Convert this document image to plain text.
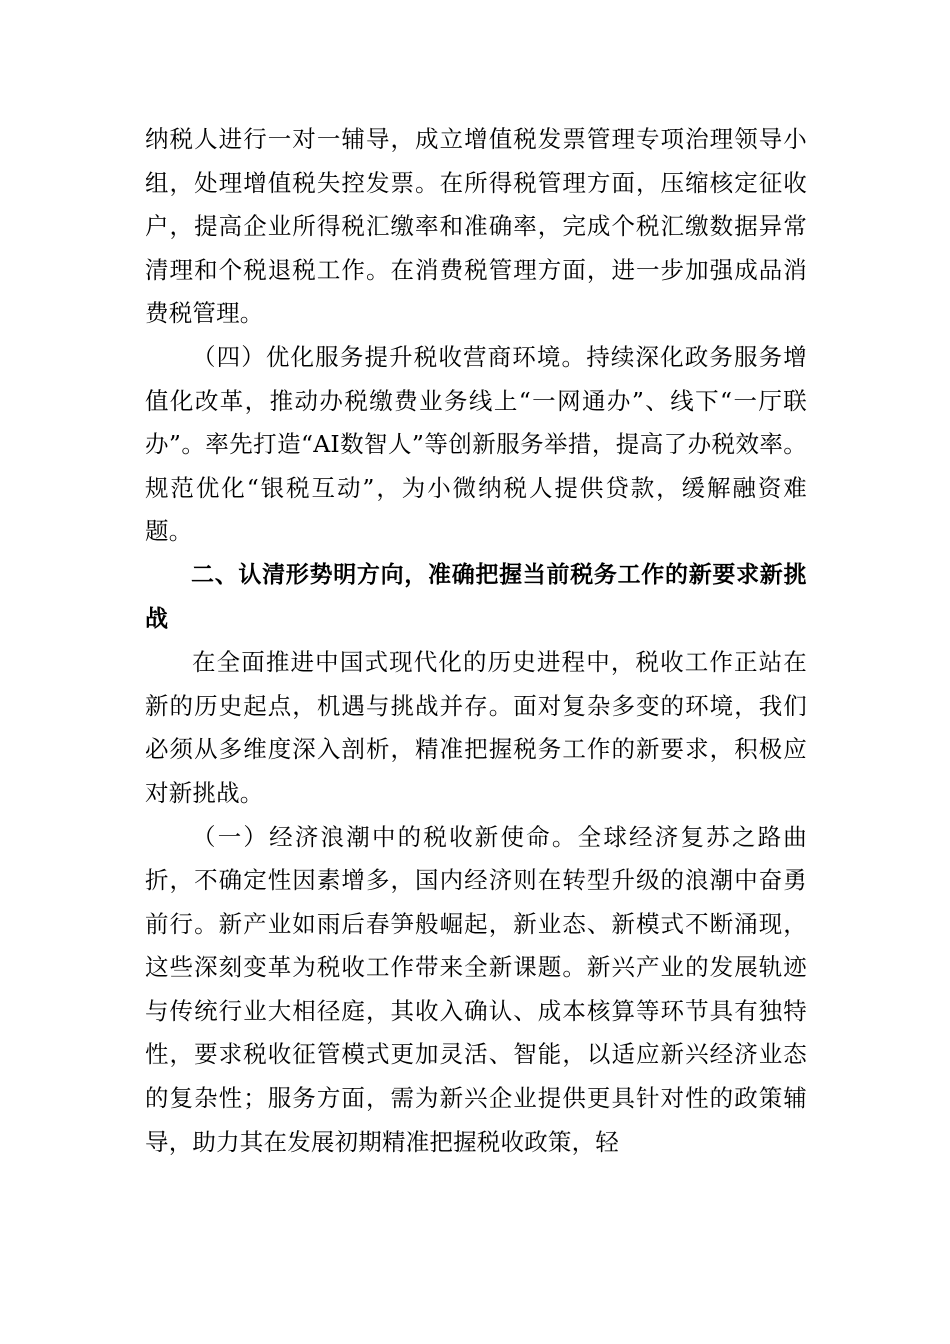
纳税人进行一对一辅导，成立增值税发票管理专项治理领导小组，处理增值税失控发票。在所得税管理方面，压缩核定征收户，提高企业所得税汇缴率和准确率，完成个税汇缴数据异常清理和个税退税工作。在消费税管理方面，进一步加强成品消费税管理。

（四）优化服务提升税收营商环境。持续深化政务服务增值化改革，推动办税缴费业务线上“一网通办”、线下“一厅联办”。率先打造“AI数智人”等创新服务举措，提高了办税效率。规范优化“银税互动”，为小微纳税人提供贷款，缓解融资难题。

二、认清形势明方向，准确把握当前税务工作的新要求新挑战

在全面推进中国式现代化的历史进程中，税收工作正站在新的历史起点，机遇与挑战并存。面对复杂多变的环境，我们必须从多维度深入剖析，精准把握税务工作的新要求，积极应对新挑战。

（一）经济浪潮中的税收新使命。全球经济复苏之路曲折，不确定性因素增多，国内经济则在转型升级的浪潮中奋勇前行。新产业如雨后春笋般崛起，新业态、新模式不断涌现，这些深刻变革为税收工作带来全新课题。新兴产业的发展轨迹与传统行业大相径庭，其收入确认、成本核算等环节具有独特性，要求税收征管模式更加灵活、智能，以适应新兴经济业态的复杂性；服务方面，需为新兴企业提供更具针对性的政策辅导，助力其在发展初期精准把握税收政策，轻
